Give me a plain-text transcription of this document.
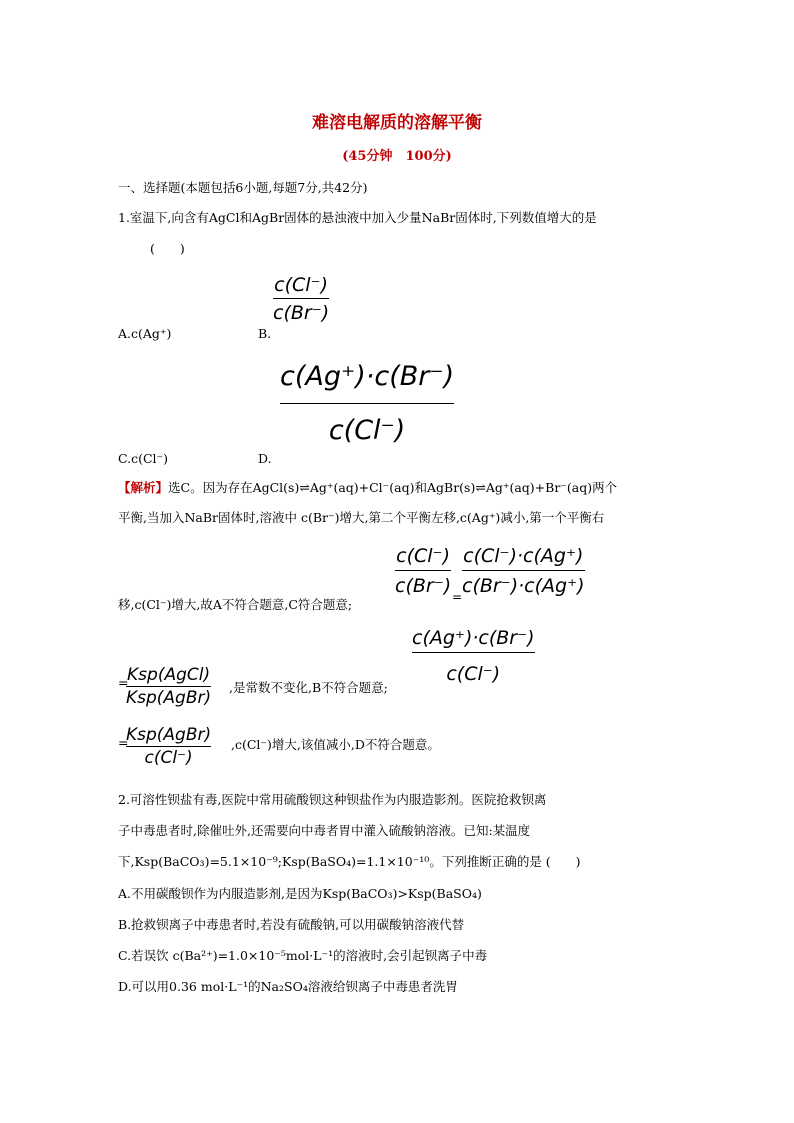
难溶电解质的溶解平衡
(45分钟　100分)
一、选择题(本题包括6小题,每题7分,共42分)
1.室温下,向含有AgCl和AgBr固体的悬浊液中加入少量NaBr固体时,下列数值增大的是
(　　)
c(Cl⁻)
c(Br⁻)
A.c(Ag⁺)	B.
c(Ag⁺)·c(Br⁻)
c(Cl⁻)
C.c(Cl⁻)	D.
【解析】选C。因为存在AgCl(s)⇌Ag⁺(aq)+Cl⁻(aq)和AgBr(s)⇌Ag⁺(aq)+Br⁻(aq)两个
平衡,当加入NaBr固体时,溶液中 c(Br⁻)增大,第二个平衡左移,c(Ag⁺)减小,第一个平衡右
c(Cl⁻)
c(Br⁻) =
c(Cl⁻)·c(Ag⁺)
c(Br⁻)·c(Ag⁺)
移,c(Cl⁻)增大,故A不符合题意,C符合题意;
c(Ag⁺)·c(Br⁻)
c(Cl⁻)
=
Ksp(AgCl)
Ksp(AgBr)
,是常数不变化,B不符合题意;
=
Ksp(AgBr)
c(Cl⁻)
,c(Cl⁻)增大,该值减小,D不符合题意。
2.可溶性钡盐有毒,医院中常用硫酸钡这种钡盐作为内服造影剂。医院抢救钡离
子中毒患者时,除催吐外,还需要向中毒者胃中灌入硫酸钠溶液。已知:某温度
下,Ksp(BaCO₃)=5.1×10⁻⁹;Ksp(BaSO₄)=1.1×10⁻¹⁰。下列推断正确的是 (　　)
A.不用碳酸钡作为内服造影剂,是因为Ksp(BaCO₃)>Ksp(BaSO₄)
B.抢救钡离子中毒患者时,若没有硫酸钠,可以用碳酸钠溶液代替
C.若误饮 c(Ba²⁺)=1.0×10⁻⁵mol·L⁻¹的溶液时,会引起钡离子中毒
D.可以用0.36 mol·L⁻¹的Na₂SO₄溶液给钡离子中毒患者洗胃
